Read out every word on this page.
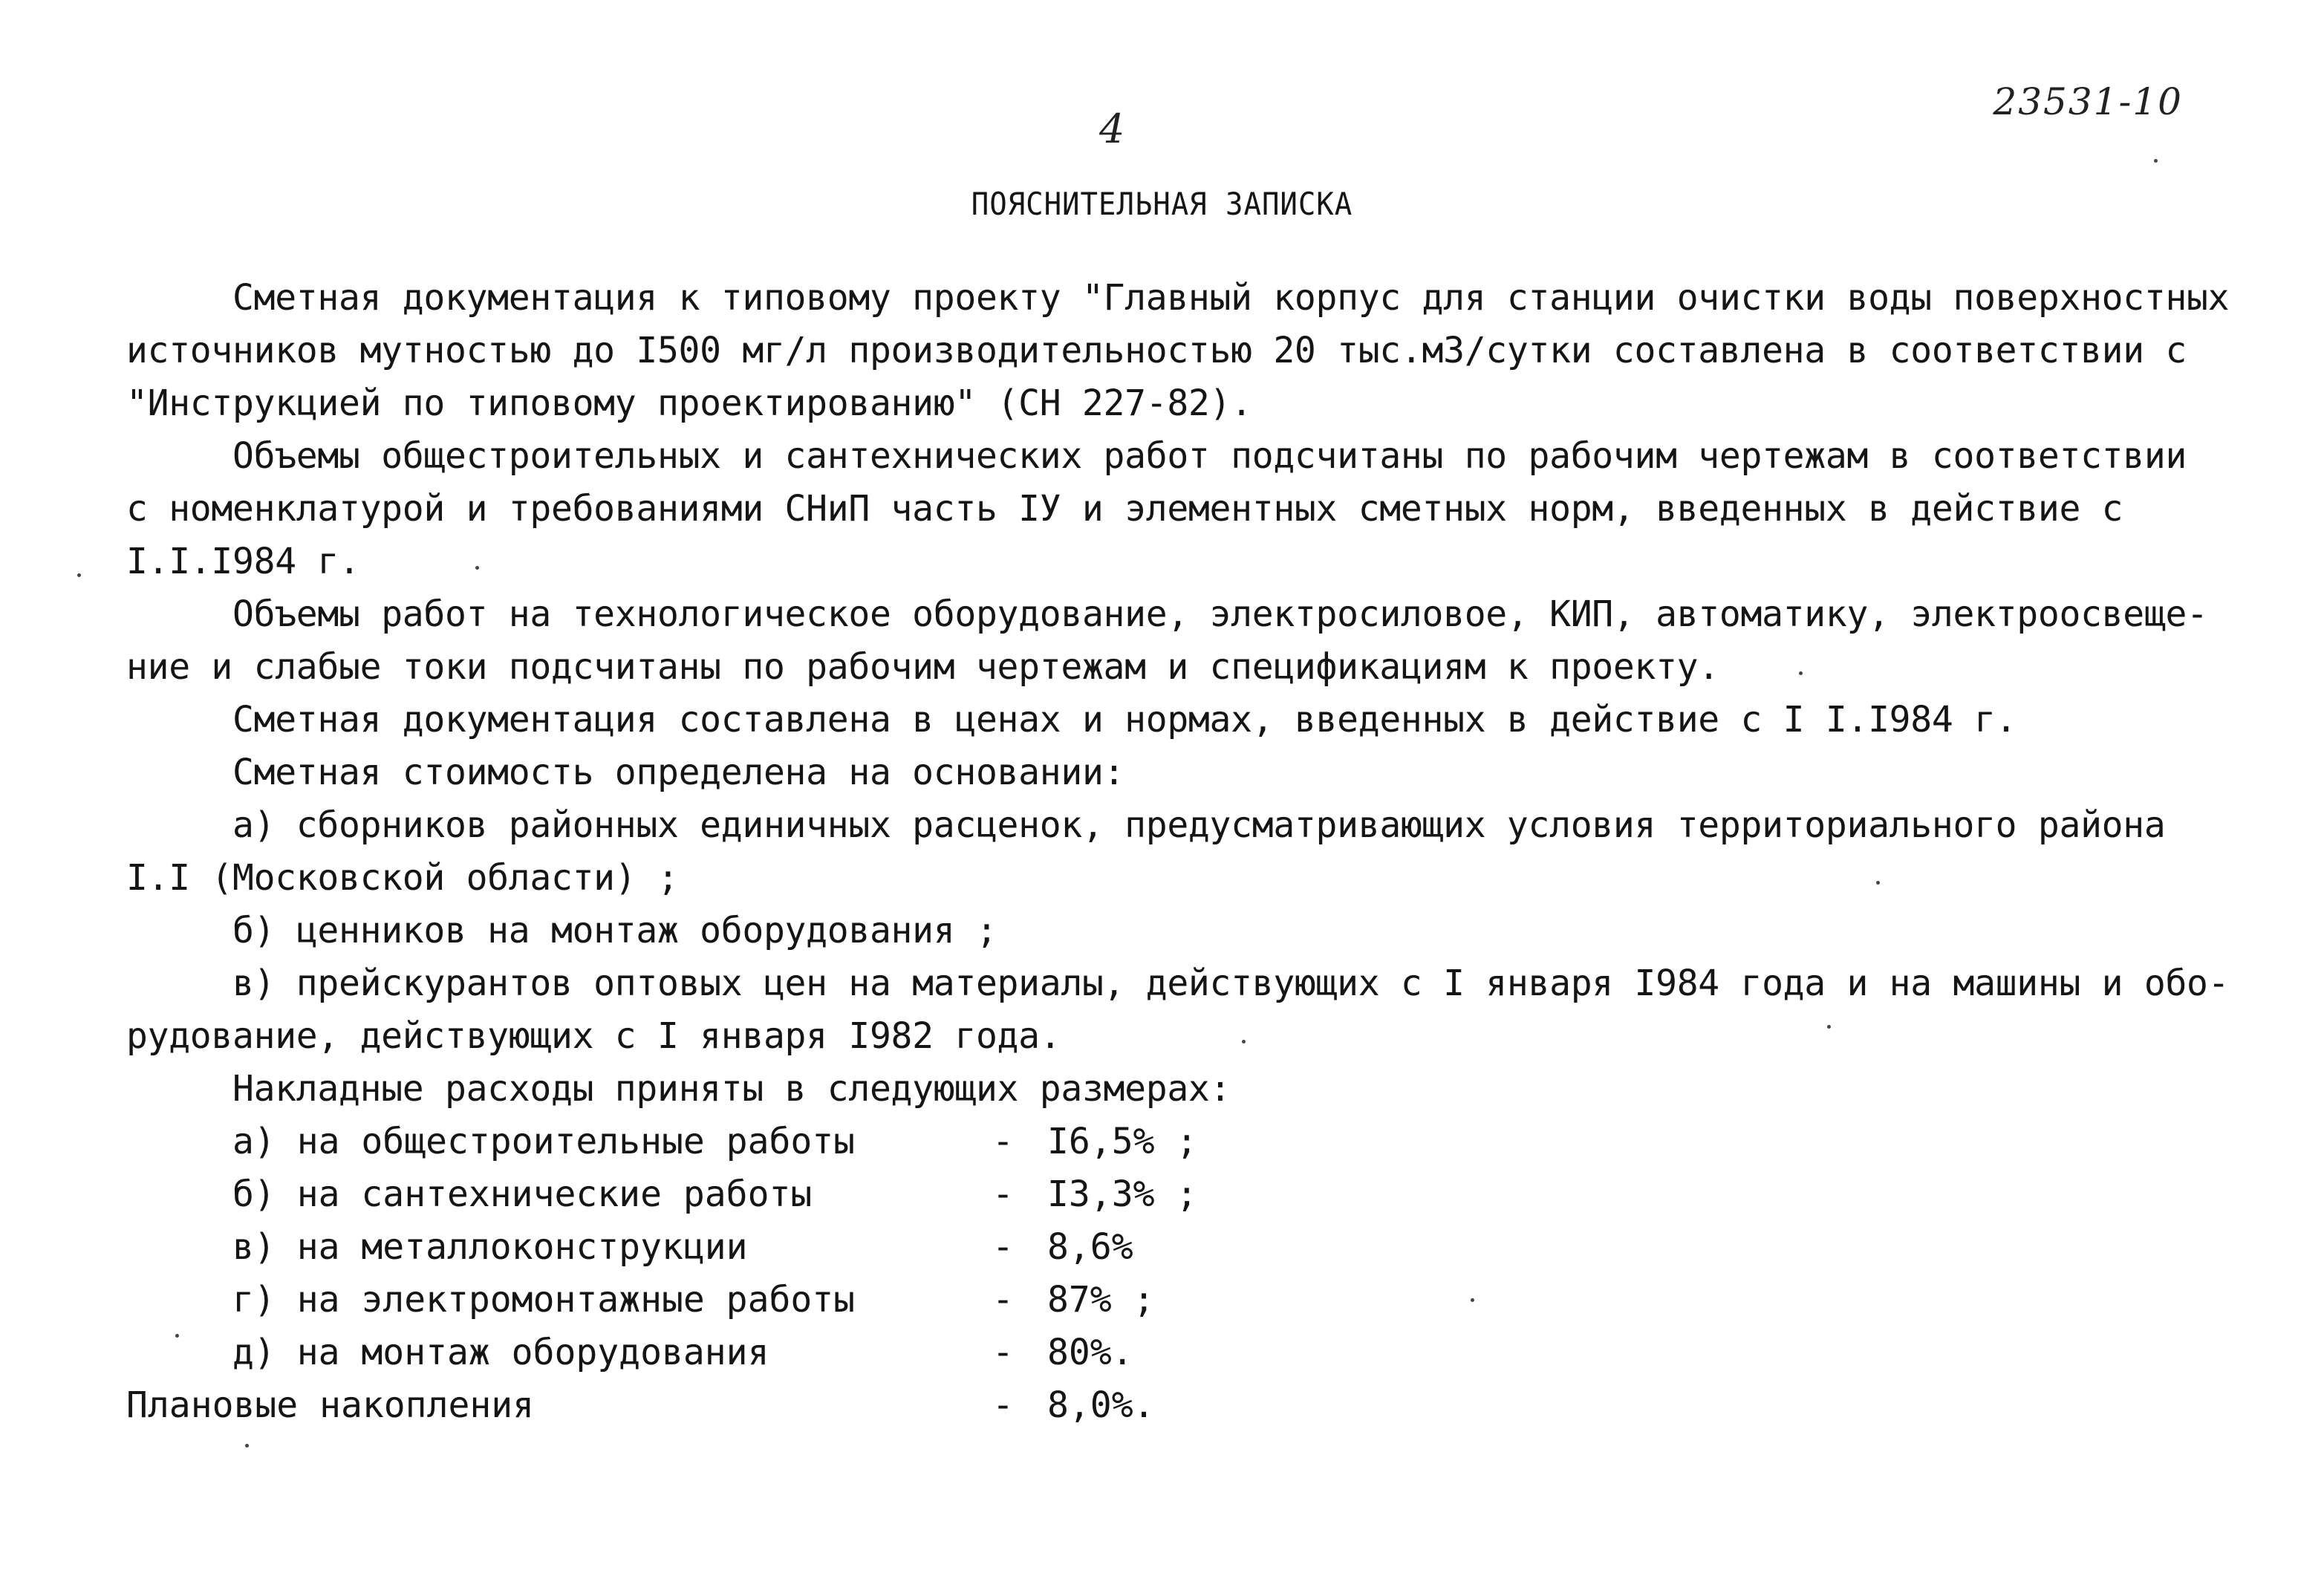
4
23531-10
ПОЯСНИТЕЛЬНАЯ ЗАПИСКА
Сметная документация к типовому проекту "Главный корпус для станции очистки воды поверхностных
источников мутностью до I500 мг/л производительностью 20 тыс.м3/сутки составлена в соответствии с
"Инструкцией по типовому проектированию" (СН 227-82).
Объемы общестроительных и сантехнических работ подсчитаны по рабочим чертежам в соответствии
с номенклатурой и требованиями СНиП часть IУ и элементных сметных норм, введенных в действие с
I.I.I984 г.
Объемы работ на технологическое оборудование, электросиловое, КИП, автоматику, электроосвеще-
ние и слабые токи подсчитаны по рабочим чертежам и спецификациям к проекту.
Сметная документация составлена в ценах и нормах, введенных в действие с I I.I984 г.
Сметная стоимость определена на основании:
а) сборников районных единичных расценок, предусматривающих условия территориального района
I.I (Московской области) ;
б) ценников на монтаж оборудования ;
в) прейскурантов оптовых цен на материалы, действующих с I января I984 года и на машины и обо-
рудование, действующих с I января I982 года.
Накладные расходы приняты в следующих размерах:
а) на общестроительные работы	- I6,5% ;
б) на сантехнические работы	- I3,3% ;
в) на металлоконструкции	- 8,6%
г) на электромонтажные работы	- 87% ;
д) на монтаж оборудования	- 80%.
Плановые накопления	- 8,0%.
